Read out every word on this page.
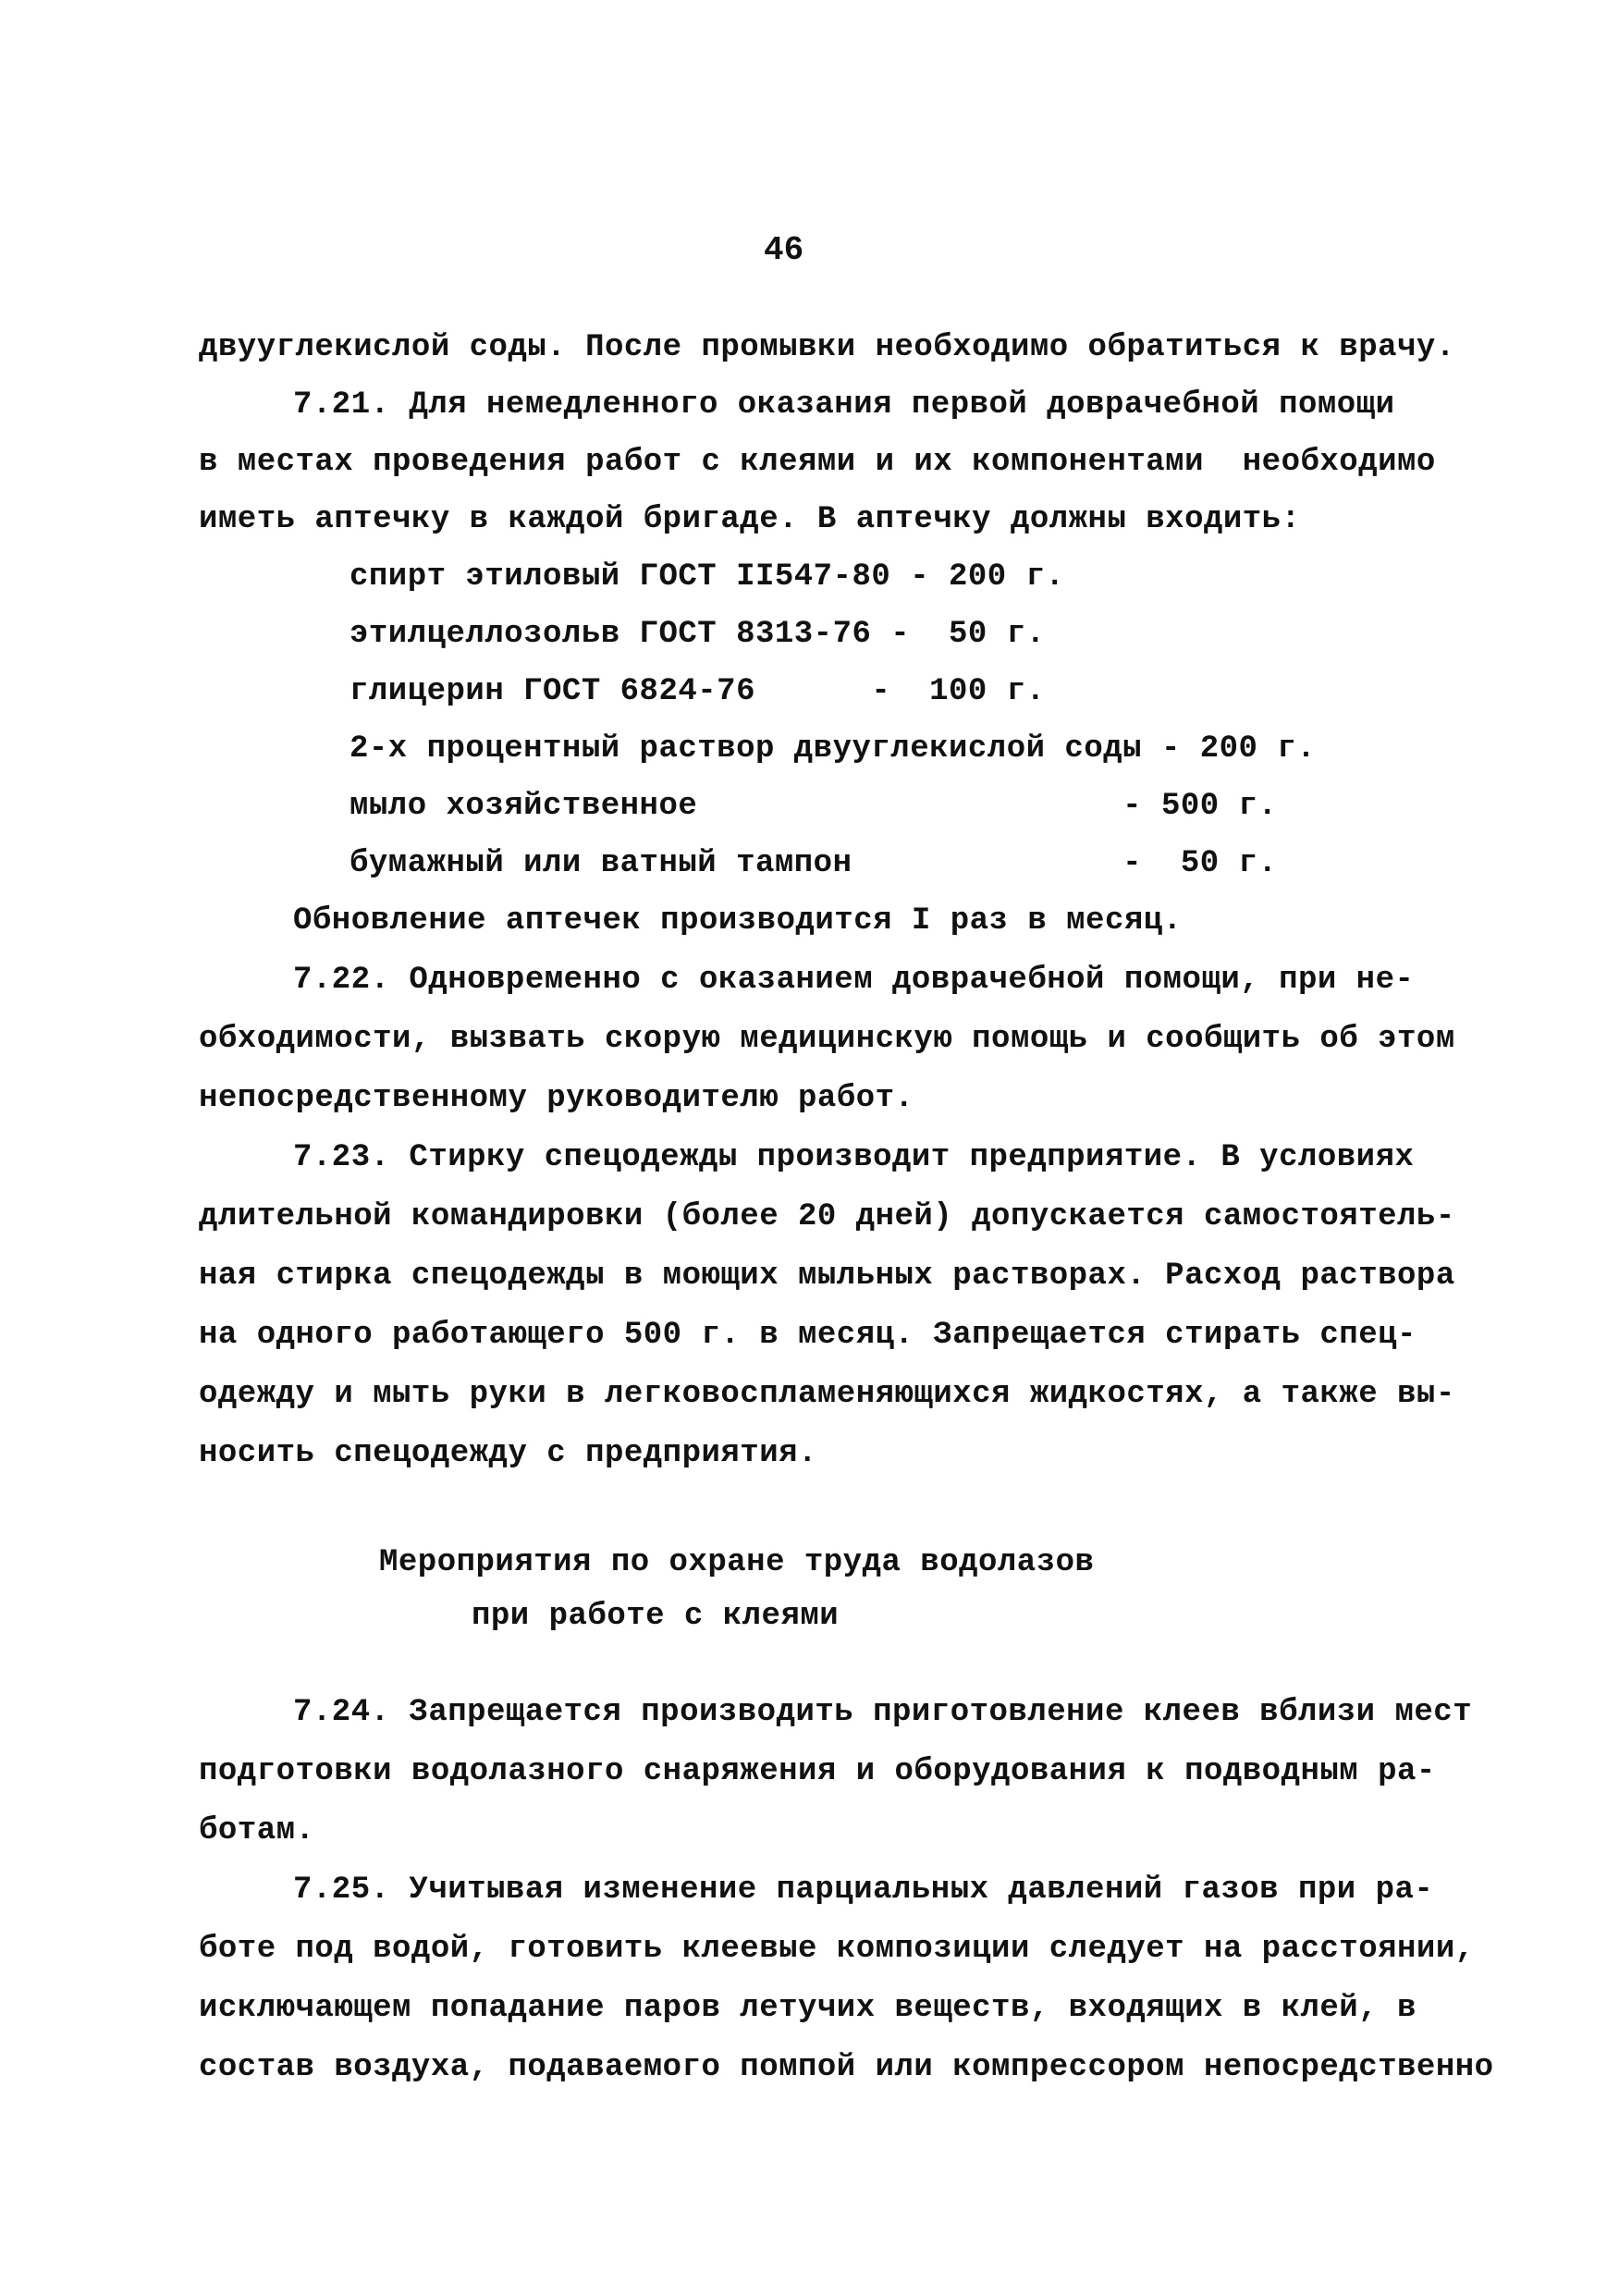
46
двууглекислой соды. После промывки необходимо обратиться к врачу.
7.21. Для немедленного оказания первой доврачебной помощи
в местах проведения работ с клеями и их компонентами  необходимо
иметь аптечку в каждой бригаде. В аптечку должны входить:
спирт этиловый ГОСТ II547-80 - 200 г.
этилцеллозольв ГОСТ 8313-76 -  50 г.
глицерин ГОСТ 6824-76      -  100 г.
2-х процентный раствор двууглекислой соды - 200 г.
мыло хозяйственное                      - 500 г.
бумажный или ватный тампон              -  50 г.
Обновление аптечек производится I раз в месяц.
7.22. Одновременно с оказанием доврачебной помощи, при не-
обходимости, вызвать скорую медицинскую помощь и сообщить об этом
непосредственному руководителю работ.
7.23. Стирку спецодежды производит предприятие. В условиях
длительной командировки (более 20 дней) допускается самостоятель-
ная стирка спецодежды в моющих мыльных растворах. Расход раствора
на одного работающего 500 г. в месяц. Запрещается стирать спец-
одежду и мыть руки в легковоспламеняющихся жидкостях, а также вы-
носить спецодежду с предприятия.
Мероприятия по охране труда водолазов
при работе с клеями
7.24. Запрещается производить приготовление клеев вблизи мест
подготовки водолазного снаряжения и оборудования к подводным ра-
ботам.
7.25. Учитывая изменение парциальных давлений газов при ра-
боте под водой, готовить клеевые композиции следует на расстоянии,
исключающем попадание паров летучих веществ, входящих в клей, в
состав воздуха, подаваемого помпой или компрессором непосредственно
